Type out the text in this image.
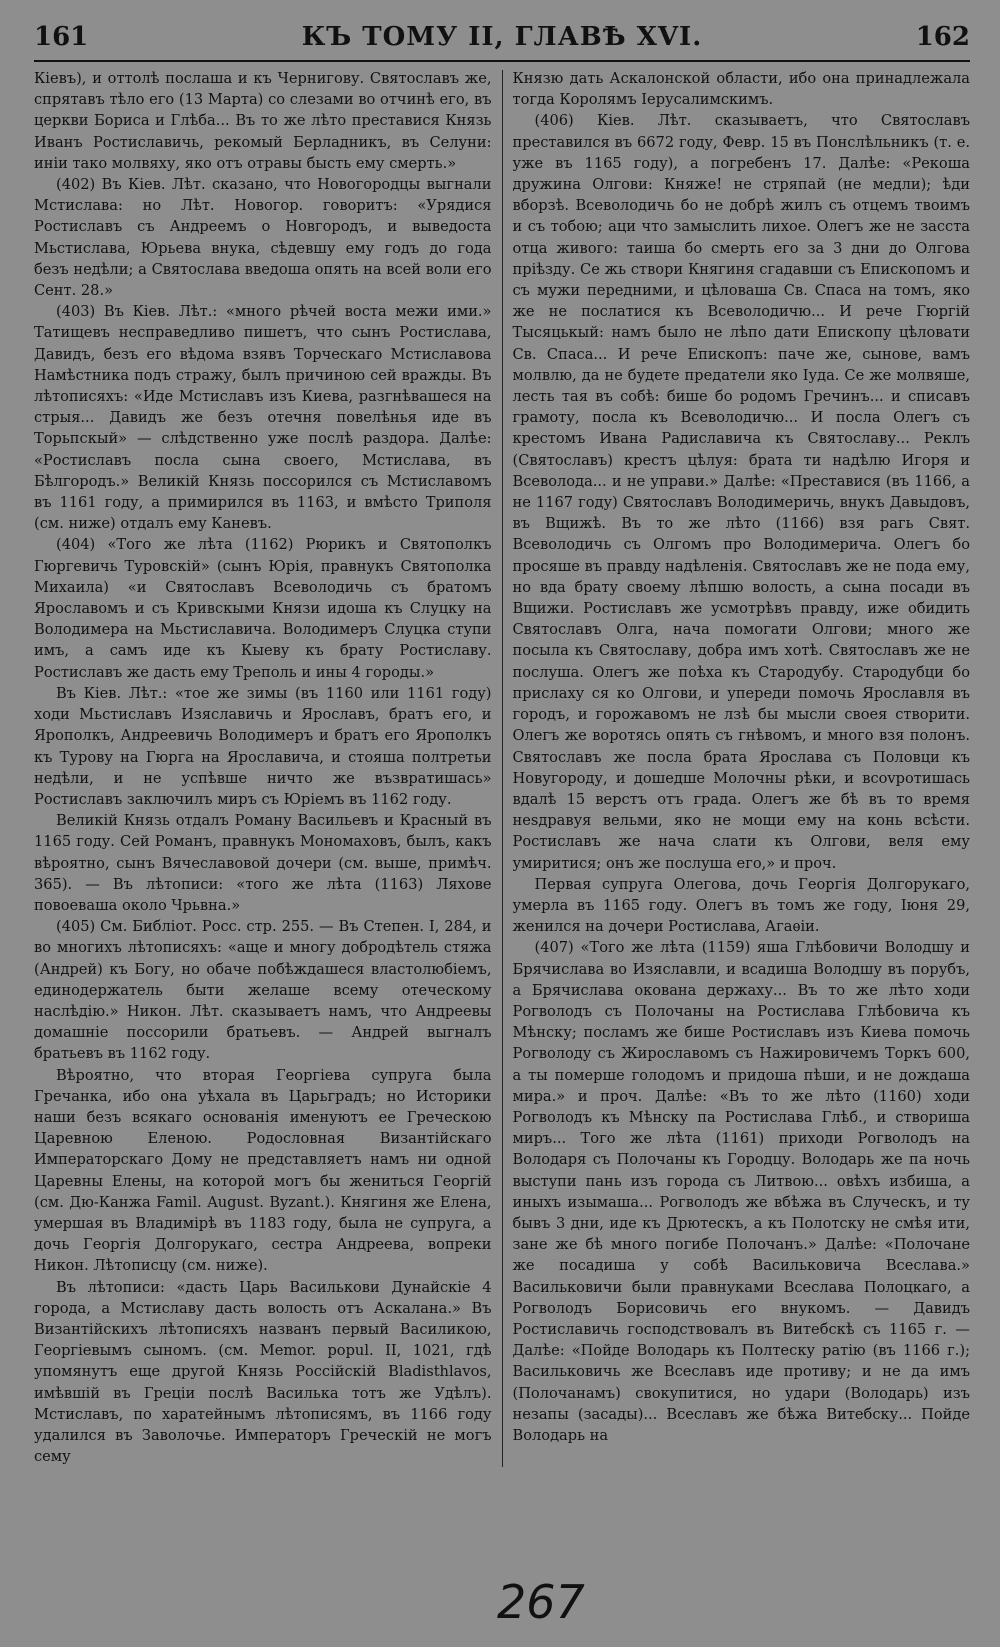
161	КЪ ТОМУ II, ГЛАВѢ XVI.	162

Кіевъ), и оттолѣ послаша и къ Чернигову. Святославъ же, спрятавъ тѣло его (13 Марта) со слезами во отчинѣ его, въ церкви Бориса и Глѣба... Въ то же лѣто преставися Князь Иванъ Ростиславичь, рекомый Берладникъ, въ Селуни: иніи тако молвяху, яко отъ отравы бысть ему смерть.»

(402) Въ Кіев. Лѣт. сказано, что Новогородцы выгнали Мстислава: но Лѣт. Новогор. говоритъ: «Урядися Ростиславъ съ Андреемъ о Новгородъ, и выведоста Мьстислава, Юрьева внука, сѣдевшу ему годъ до года безъ недѣли; а Святослава введоша опять на всей воли его Сент. 28.»

(403) Въ Кіев. Лѣт.: «много рѣчей воста межи ими.» Татищевъ несправедливо пишетъ, что сынъ Ростислава, Давидъ, безъ его вѣдома взявъ Торческаго Мстиславова Намѣстника подъ стражу, былъ причиною сей вражды. Въ лѣтописяхъ: «Иде Мстиславъ изъ Киева, разгнѣвашеся на стрыя... Давидъ же безъ отечня повелѣнья иде въ Торьпскый» — слѣдственно уже послѣ раздора. Далѣе: «Ростиславъ посла сына своего, Мстислава, въ Бѣлгородъ.» Великій Князь поссорился съ Мстиславомъ въ 1161 году, а примирился въ 1163, и вмѣсто Триполя (см. ниже) отдалъ ему Каневъ.

(404) «Того же лѣта (1162) Рюрикъ и Святополкъ Гюргевичь Туровскій» (сынъ Юрія, правнукъ Святополка Михаила) «и Святославъ Всеволодичь съ братомъ Ярославомъ и съ Кривскыми Князи идоша къ Слуцку на Володимера на Мьстиславича. Володимеръ Слуцка ступи имъ, а самъ иде къ Кыеву къ брату Ростиславу. Ростиславъ же дасть ему Треполь и ины 4 городы.»

Въ Кіев. Лѣт.: «тое же зимы (въ 1160 или 1161 году) ходи Мьстиславъ Изяславичь и Ярославъ, братъ его, и Ярополкъ, Андреевичь Володимеръ и братъ его Ярополкъ къ Турову на Гюрга на Ярославича, и стояша полтретьи недѣли, и не успѣвше ничто же възвратишась» Ростиславъ заключилъ миръ съ Юріемъ въ 1162 году.

Великій Князь отдалъ Роману Васильевъ и Красный въ 1165 году. Сей Романъ, правнукъ Мономаховъ, былъ, какъ вѣроятно, сынъ Вячеславовой дочери (см. выше, примѣч. 365). — Въ лѣтописи: «того же лѣта (1163) Ляхове повоеваша около Чрьвна.»

(405) См. Библіот. Росс. стр. 255. — Въ Степен. I, 284, и во многихъ лѣтописяхъ: «аще и многу добродѣтель стяжа (Андрей) къ Богу, но обаче побѣждашеся властолюбіемъ, единодержатель быти желаше всему отеческому наслѣдію.» Никон. Лѣт. сказываетъ намъ, что Андреевы домашніе поссорили братьевъ. — Андрей выгналъ братьевъ въ 1162 году.

Вѣроятно, что вторая Георгіева супруга была Гречанка, ибо она уѣхала въ Царьградъ; но Историки наши безъ всякаго основанія именуютъ ее Греческою Царевною Еленою. Родословная Византійскаго Императорскаго Дому не представляетъ намъ ни одной Царевны Елены, на которой могъ бы жениться Георгій (см. Дю-Канжа Famil. August. Byzant.). Княгиня же Елена, умершая въ Владимірѣ въ 1183 году, была не супруга, а дочь Георгія Долгорукаго, сестра Андреева, вопреки Никон. Лѣтописцу (см. ниже).

Въ лѣтописи: «дасть Царь Василькови Дунайскіе 4 города, а Мстиславу дасть волость отъ Аскалана.» Въ Византійскихъ лѣтописяхъ названъ первый Василикою, Георгіевымъ сыномъ. (см. Memor. popul. II, 1021, гдѣ упомянутъ еще другой Князь Россійскій Bladisthlavos, имѣвшій въ Греціи послѣ Василька тотъ же Удѣлъ). Мстиславъ, по харатейнымъ лѣтописямъ, въ 1166 году удалился въ Заволочье. Императоръ Греческій не могъ сему

Князю дать Аскалонской области, ибо она принадлежала тогда Королямъ Іерусалимскимъ.

(406) Кіев. Лѣт. сказываетъ, что Святославъ преставился въ 6672 году, Февр. 15 въ Понслѣльникъ (т. е. уже въ 1165 году), а погребенъ 17. Далѣе: «Рекоша дружина Олгови: Княже! не стряпай (не медли); ѣди вборзѣ. Всеволодичь бо не добрѣ жилъ съ отцемъ твоимъ и съ тобою; аци что замыслить лихое. Олегъ же не засста отца живого: таиша бо смерть его за 3 дни до Олгова пріѣзду. Се жь створи Княгиня сгадавши съ Епископомъ и съ мужи передними, и цѣловаша Св. Спаса на томъ, яко же не послатися къ Всеволодичю... И рече Гюргій Тысяцькый: намъ было не лѣпо дати Епископу цѣловати Св. Спаса... И рече Епископъ: паче же, сынове, вамъ молвлю, да не будете предатели яко Іуда. Се же молвяше, лесть тая въ собѣ: бише бо родомъ Гречинъ... и списавъ грамоту, посла къ Всеволодичю... И посла Олегъ съ крестомъ Ивана Радиславича къ Святославу... Реклъ (Святославъ) крестъ цѣлуя: брата ти надѣлю Игоря и Всеволода... и не управи.» Далѣе: «Преставися (въ 1166, а не 1167 году) Святославъ Володимеричь, внукъ Давыдовъ, въ Вщижѣ. Въ то же лѣто (1166) взя рагь Свят. Всеволодичь съ Олгомъ про Володимеричa. Олегъ бо просяше въ правду надѣленія. Святославъ же не пода ему, но вда брату своему лѣпшю волость, а сына посади въ Вщижи. Ростиславъ же усмотрѣвъ правду, иже обидить Святославъ Олга, нача помогати Олгови; много же посыла къ Святославу, добра имъ хотѣ. Святославъ же не послуша. Олегъ же поѣха къ Стародубу. Стародубци бо прислаху ся ко Олгови, и упереди помочь Ярославля въ городъ, и горожавомъ не лзѣ бы мысли своея створити. Олегъ же воротясь опять съ гнѣвомъ, и много взя полонъ. Святославъ же посла брата Ярослава съ Половци къ Новугороду, и дошедше Молочны рѣки, и вcovротишась вдалѣ 15 верстъ отъ града. Олегъ же бѣ въ то время неѕдравуя вельми, яко не мощи ему на конь всѣсти. Ростиславъ же нача слати къ Олгови, веля ему умиритися; онъ же послуша его,» и проч.

Первая супруга Олегова, дочь Георгія Долгорукаго, умерла въ 1165 году. Олегъ въ томъ же году, Іюня 29, женился на дочери Ростислава, Агаѳіи.

(407) «Того же лѣта (1159) яша Глѣбовичи Володшу и Брячислава во Изяславли, и всадиша Володшу въ порубъ, а Брячислава окована держаху... Въ то же лѣто ходи Рогволодъ съ Полочаны на Ростислава Глѣбовича къ Мѣнску; посламъ же бише Ростиславъ изъ Киева помочь Рогволоду съ Жирославомъ съ Нажировичемъ Торкъ 600, а ты померше голодомъ и придоша пѣши, и не дождаша мира.» и проч. Далѣе: «Въ то же лѣто (1160) ходи Рогволодъ къ Мѣнску па Ростислава Глѣб., и створиша миръ... Того же лѣта (1161) приходи Рогволодъ на Володаря съ Полочаны къ Городцу. Володарь же па ночь выступи пань изъ города съ Литвою... овѣхъ избиша, а иныхъ изымаша... Рогволодъ же вбѣжа въ Случескъ, и ту бывъ 3 дни, иде къ Дрютескъ, а къ Полотску не смѣя ити, зане же бѣ много погибе Полочанъ.» Далѣе: «Полочане же посадиша у собѣ Васильковича Всеслава.» Васильковичи были правнуками Всеслава Полоцкаго, а Рогволодъ Борисовичь его внукомъ. — Давидъ Ростиславичь господствовалъ въ Витебскѣ съ 1165 г. — Далѣе: «Пойде Володарь къ Полтеску ратію (въ 1166 г.); Васильковичь же Всеславъ иде противу; и не да имъ (Полочанамъ) свокупитися, но удари (Володарь) изъ незапы (засады)... Всеславъ же бѣжа Витебску... Пойде Володарь на

267
